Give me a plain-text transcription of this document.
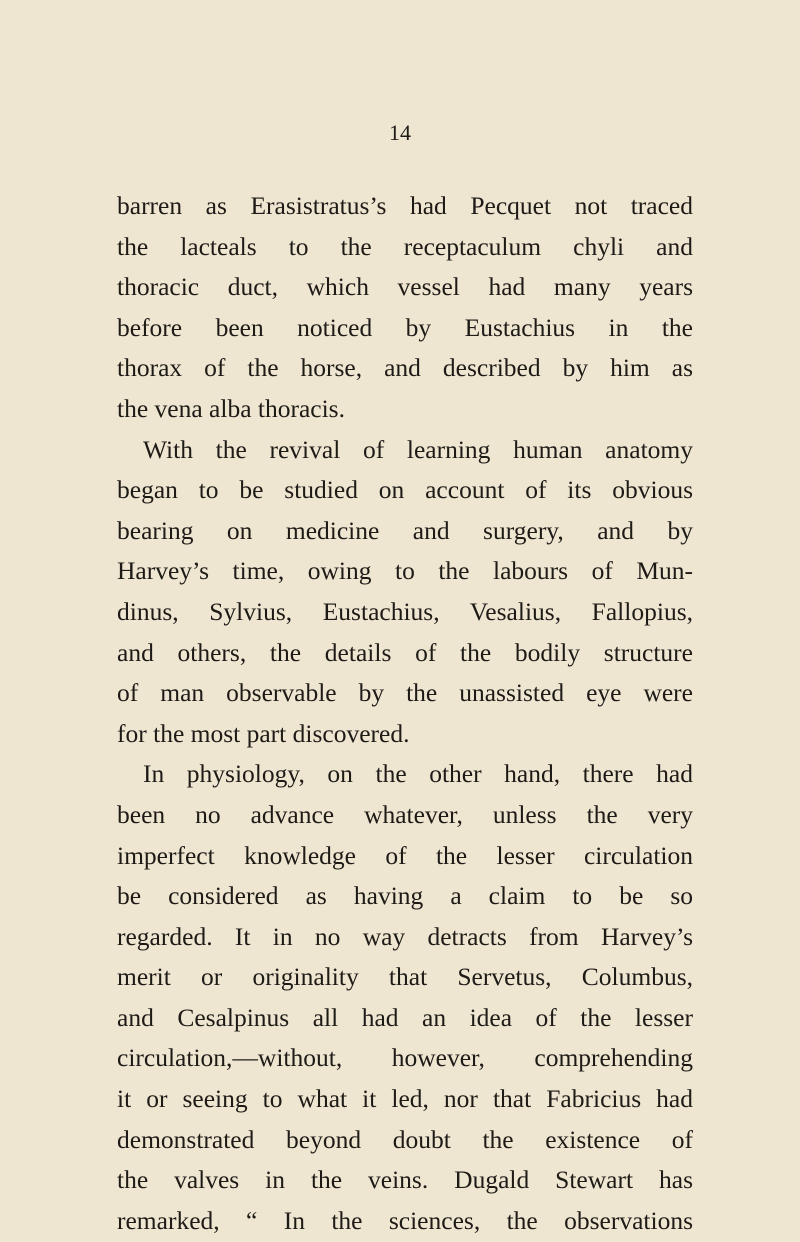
14
barren as Erasistratus’s had Pecquet not traced
the lacteals to the receptaculum chyli and
thoracic duct, which vessel had many years
before been noticed by Eustachius in the
thorax of the horse, and described by him as
the vena alba thoracis.
With the revival of learning human anatomy
began to be studied on account of its obvious
bearing on medicine and surgery, and by
Harvey’s time, owing to the labours of Mun-
dinus, Sylvius, Eustachius, Vesalius, Fallopius,
and others, the details of the bodily structure
of man observable by the unassisted eye were
for the most part discovered.
In physiology, on the other hand, there had
been no advance whatever, unless the very
imperfect knowledge of the lesser circulation
be considered as having a claim to be so
regarded. It in no way detracts from Harvey’s
merit or originality that Servetus, Columbus,
and Cesalpinus all had an idea of the lesser
circulation,—without, however, comprehending
it or seeing to what it led, nor that Fabricius had
demonstrated beyond doubt the existence of
the valves in the veins. Dugald Stewart has
remarked, “ In the sciences, the observations
